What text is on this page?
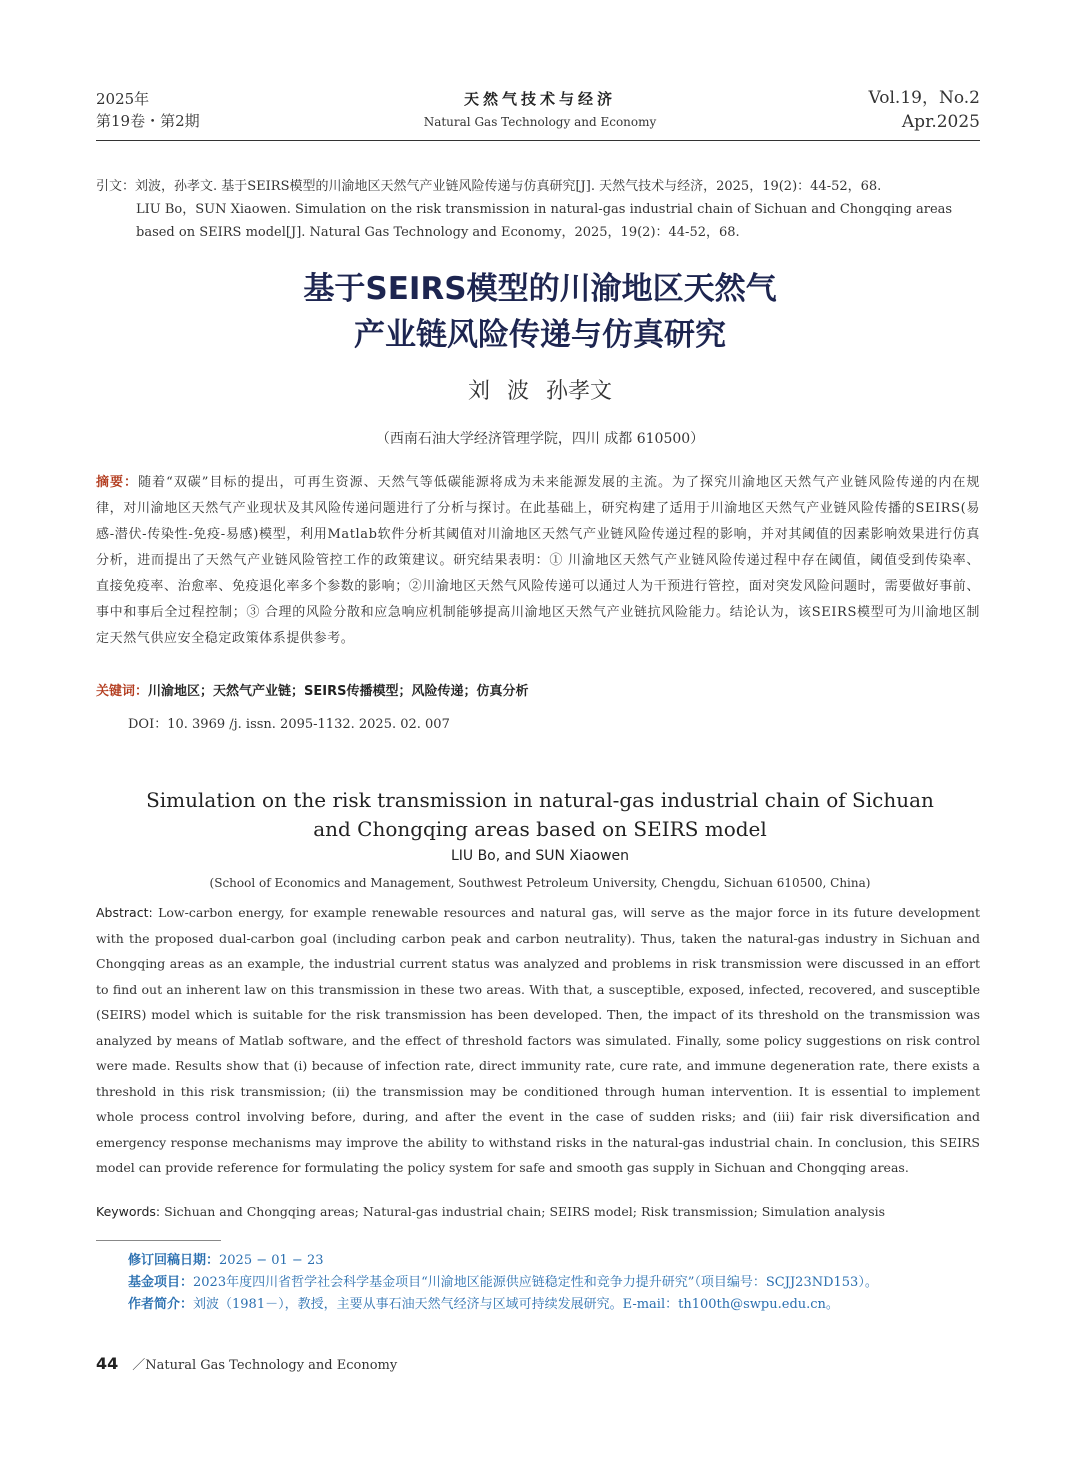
2025年
第19卷・第2期
天然气技术与经济
Natural Gas Technology and Economy
Vol.19，No.2
Apr.2025
引文：刘波，孙孝文. 基于SEIRS模型的川渝地区天然气产业链风险传递与仿真研究[J]. 天然气技术与经济，2025，19(2)：44-52，68.
LIU Bo，SUN Xiaowen. Simulation on the risk transmission in natural-gas industrial chain of Sichuan and Chongqing areas based on SEIRS model[J]. Natural Gas Technology and Economy，2025，19(2)：44-52，68.
基于SEIRS模型的川渝地区天然气
产业链风险传递与仿真研究
刘 波 孙孝文
（西南石油大学经济管理学院，四川 成都 610500）
摘要：随着“双碳”目标的提出，可再生资源、天然气等低碳能源将成为未来能源发展的主流。为了探究川渝地区天然气产业链风险传递的内在规律，对川渝地区天然气产业现状及其风险传递问题进行了分析与探讨。在此基础上，研究构建了适用于川渝地区天然气产业链风险传播的SEIRS(易感-潜伏-传染性-免疫-易感)模型，利用Matlab软件分析其阈值对川渝地区天然气产业链风险传递过程的影响，并对其阈值的因素影响效果进行仿真分析，进而提出了天然气产业链风险管控工作的政策建议。研究结果表明：① 川渝地区天然气产业链风险传递过程中存在阈值，阈值受到传染率、直接免疫率、治愈率、免疫退化率多个参数的影响；②川渝地区天然气风险传递可以通过人为干预进行管控，面对突发风险问题时，需要做好事前、事中和事后全过程控制；③ 合理的风险分散和应急响应机制能够提高川渝地区天然气产业链抗风险能力。结论认为，该SEIRS模型可为川渝地区制定天然气供应安全稳定政策体系提供参考。
关键词：川渝地区；天然气产业链；SEIRS传播模型；风险传递；仿真分析
DOI：10. 3969 /j. issn. 2095-1132. 2025. 02. 007
Simulation on the risk transmission in natural-gas industrial chain of Sichuan
and Chongqing areas based on SEIRS model
LIU Bo, and SUN Xiaowen
(School of Economics and Management, Southwest Petroleum University, Chengdu, Sichuan 610500, China)
Abstract: Low-carbon energy, for example renewable resources and natural gas, will serve as the major force in its future development with the proposed dual-carbon goal (including carbon peak and carbon neutrality). Thus, taken the natural-gas industry in Sichuan and Chongqing areas as an example, the industrial current status was analyzed and problems in risk transmission were discussed in an effort to find out an inherent law on this transmission in these two areas. With that, a susceptible, exposed, infected, recovered, and susceptible (SEIRS) model which is suitable for the risk transmission has been developed. Then, the impact of its threshold on the transmission was analyzed by means of Matlab software, and the effect of threshold factors was simulated. Finally, some policy suggestions on risk control were made. Results show that (i) because of infection rate, direct immunity rate, cure rate, and immune degeneration rate, there exists a threshold in this risk transmission; (ii) the transmission may be conditioned through human intervention. It is essential to implement whole process control involving before, during, and after the event in the case of sudden risks; and (iii) fair risk diversification and emergency response mechanisms may improve the ability to withstand risks in the natural-gas industrial chain. In conclusion, this SEIRS model can provide reference for formulating the policy system for safe and smooth gas supply in Sichuan and Chongqing areas.
Keywords: Sichuan and Chongqing areas; Natural-gas industrial chain; SEIRS model; Risk transmission; Simulation analysis
修订回稿日期：2025 − 01 − 23
基金项目：2023年度四川省哲学社会科学基金项目“川渝地区能源供应链稳定性和竞争力提升研究”（项目编号：SCJJ23ND153）。
作者简介：刘波（1981－），教授，主要从事石油天然气经济与区域可持续发展研究。E-mail：th100th@swpu.edu.cn。
44 ／Natural Gas Technology and Economy
